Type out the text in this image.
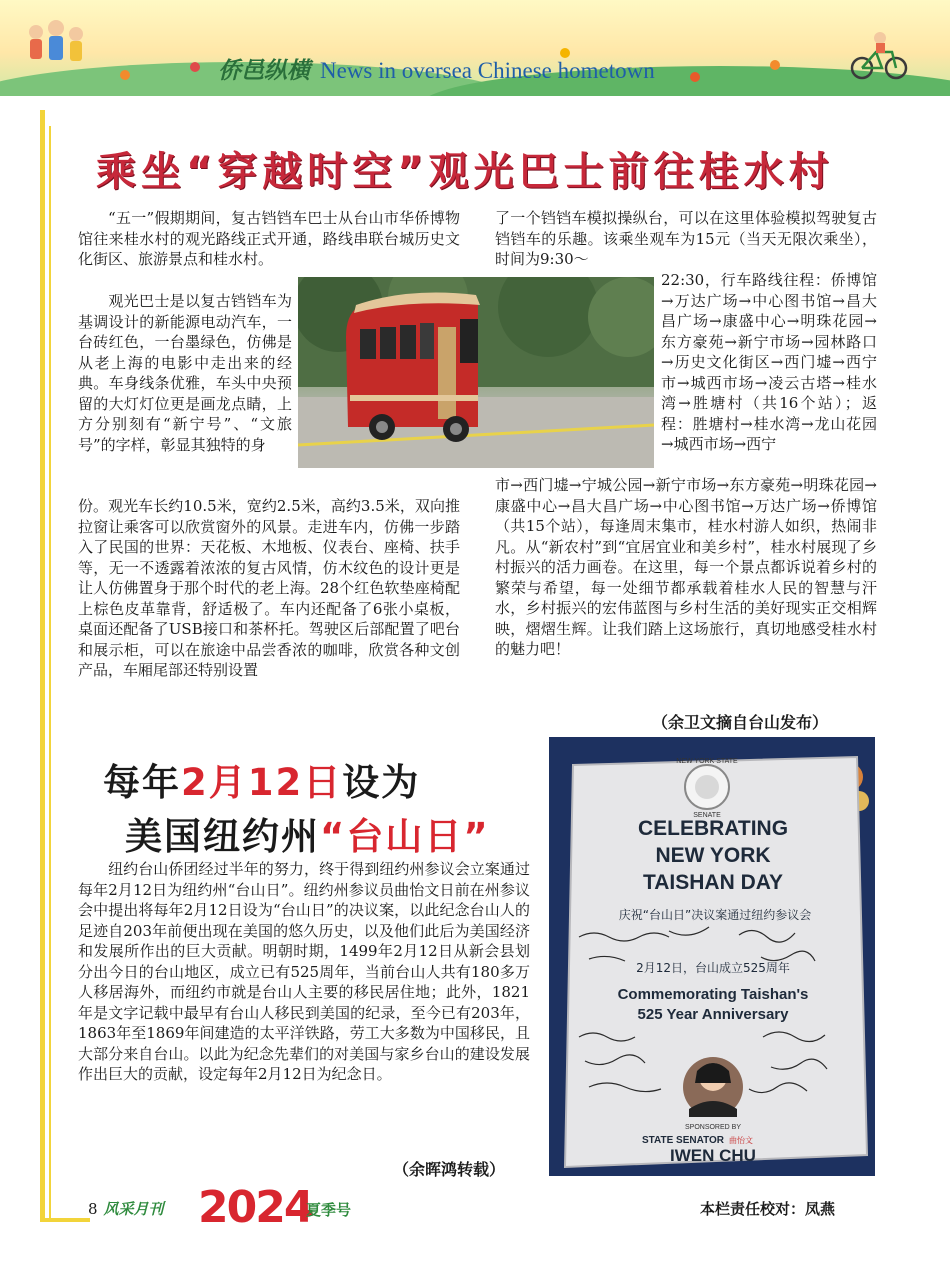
侨邑纵横 News in oversea Chinese hometown
乘坐“穿越时空”观光巴士前往桂水村

“五一”假期期间，复古铛铛车巴士从台山市华侨博物馆往来桂水村的观光路线正式开通，路线串联台城历史文化街区、旅游景点和桂水村。

观光巴士是以复古铛铛车为基调设计的新能源电动汽车，一台砖红色，一台墨绿色，仿佛是从老上海的电影中走出来的经典。车身线条优雅，车头中央预留的大灯灯位更是画龙点睛，上方分别刻有“新宁号”、“文旅号”的字样，彰显其独特的身

份。观光车长约10.5米，宽约2.5米，高约3.5米，双向推拉窗让乘客可以欣赏窗外的风景。走进车内，仿佛一步踏入了民国的世界：天花板、木地板、仪表台、座椅、扶手等，无一不透露着浓浓的复古风情，仿木纹色的设计更是让人仿佛置身于那个时代的老上海。28个红色软垫座椅配上棕色皮革靠背，舒适极了。车内还配备了6张小桌板，桌面还配备了USB接口和茶杯托。驾驶区后部配置了吧台和展示柜，可以在旅途中品尝香浓的咖啡，欣赏各种文创产品，车厢尾部还特别设置

了一个铛铛车模拟操纵台，可以在这里体验模拟驾驶复古铛铛车的乐趣。该乘坐观车为15元（当天无限次乘坐），时间为9:30～

22:30，行车路线往程：侨博馆→万达广场→中心图书馆→昌大昌广场→康盛中心→明珠花园→东方豪苑→新宁市场→园林路口→历史文化街区→西门墟→西宁市→城西市场→凌云古塔→桂水湾→胜塘村（共16个站）；返程：胜塘村→桂水湾→龙山花园→城西市场→西宁

市→西门墟→宁城公园→新宁市场→东方豪苑→明珠花园→康盛中心→昌大昌广场→中心图书馆→万达广场→侨博馆（共15个站），每逢周末集市，桂水村游人如织，热闹非凡。从“新农村”到“宜居宜业和美乡村”，桂水村展现了乡村振兴的活力画卷。在这里，每一个景点都诉说着乡村的繁荣与希望，每一处细节都承载着桂水人民的智慧与汗水，乡村振兴的宏伟蓝图与乡村生活的美好现实正交相辉映，熠熠生辉。让我们踏上这场旅行，真切地感受桂水村的魅力吧！

（余卫文摘自台山发布）
每年2月12日设为
美国纽约州“台山日”

纽约台山侨团经过半年的努力，终于得到纽约州参议会立案通过每年2月12日为纽约州“台山日”。纽约州参议员曲怡文日前在州参议会中提出将每年2月12日设为“台山日”的决议案，以此纪念台山人的足迹自203年前便出现在美国的悠久历史，以及他们此后为美国经济和发展所作出的巨大贡献。明朝时期，1499年2月12日从新会县划分出今日的台山地区，成立已有525周年，当前台山人共有180多万人移居海外，而纽约市就是台山人主要的移民居住地；此外，1821年是文字记载中最早有台山人移民到美国的纪录，至今已有203年，1863年至1869年间建造的太平洋铁路，劳工大多数为中国移民，且大部分来自台山。以此为纪念先辈们的对美国与家乡台山的建设发展作出巨大的贡献，设定每年2月12日为纪念日。

（余晖鸿转载）
NEW YORK STATE
SENATE
CELEBRATING
NEW YORK
TAISHAN DAY
庆祝“台山日”决议案通过纽约参议会
2月12日，台山成立525周年
Commemorating Taishan's
525 Year Anniversary
SPONSORED BY
STATE SENATOR 曲怡文
IWEN CHU
8 风采月刊 2024
夏季号	本栏责任校对：凤燕
